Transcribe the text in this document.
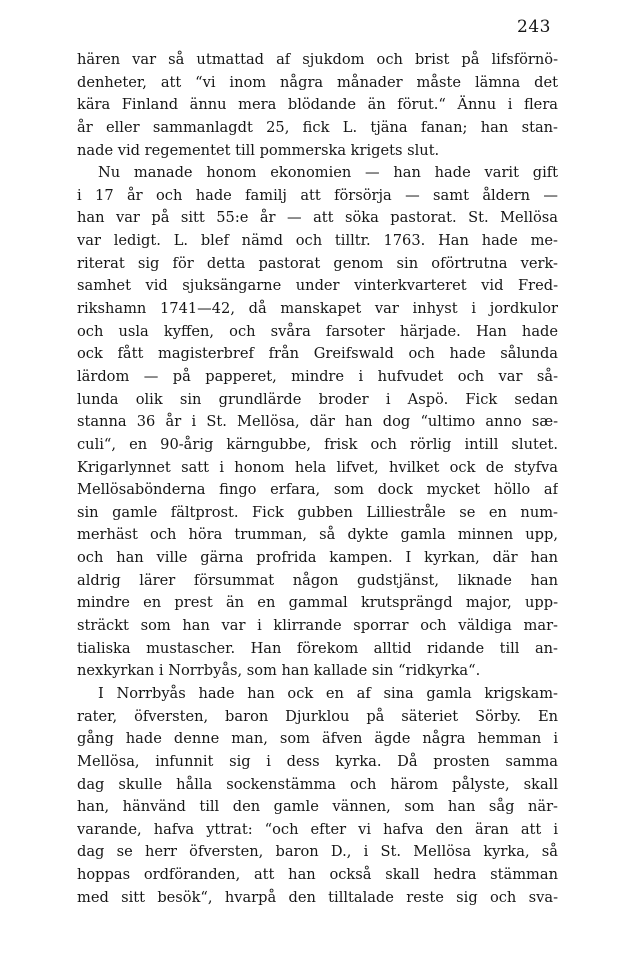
243
hären var så utmattad af sjukdom och brist på lifsförnö-
denheter, att “vi inom några månader måste lämna det
kära Finland ännu mera blödande än förut.“ Ännu i flera
år eller sammanlagdt 25, fick L. tjäna fanan; han stan-
nade vid regementet till pommerska krigets slut.
Nu manade honom ekonomien — han hade varit gift
i 17 år och hade familj att försörja — samt åldern —
han var på sitt 55:e år — att söka pastorat. St. Mellösa
var ledigt. L. blef nämd och tilltr. 1763. Han hade me-
riterat sig för detta pastorat genom sin oförtrutna verk-
samhet vid sjuksängarne under vinterkvarteret vid Fred-
rikshamn 1741—42, då manskapet var inhyst i jordkulor
och usla kyffen, och svåra farsoter härjade. Han hade
ock fått magisterbref från Greifswald och hade sålunda
lärdom — på papperet, mindre i hufvudet och var så-
lunda olik sin grundlärde broder i Aspö. Fick sedan
stanna 36 år i St. Mellösa, där han dog “ultimo anno sæ-
culi“, en 90-årig kärngubbe, frisk och rörlig intill slutet.
Krigarlynnet satt i honom hela lifvet, hvilket ock de styfva
Mellösabönderna fingo erfara, som dock mycket höllo af
sin gamle fältprost. Fick gubben Lilliestråle se en num-
merhäst och höra trumman, så dykte gamla minnen upp,
och han ville gärna profrida kampen. I kyrkan, där han
aldrig lärer försummat någon gudstjänst, liknade han
mindre en prest än en gammal krutsprängd major, upp-
sträckt som han var i klirrande sporrar och väldiga mar-
tialiska mustascher. Han förekom alltid ridande till an-
nexkyrkan i Norrbyås, som han kallade sin “ridkyrka“.
I Norrbyås hade han ock en af sina gamla krigskam-
rater, öfversten, baron Djurklou på säteriet Sörby. En
gång hade denne man, som äfven ägde några hemman i
Mellösa, infunnit sig i dess kyrka. Då prosten samma
dag skulle hålla sockenstämma och härom pålyste, skall
han, hänvänd till den gamle vännen, som han såg när-
varande, hafva yttrat: “och efter vi hafva den äran att i
dag se herr öfversten, baron D., i St. Mellösa kyrka, så
hoppas ordföranden, att han också skall hedra stämman
med sitt besök“, hvarpå den tilltalade reste sig och sva-
